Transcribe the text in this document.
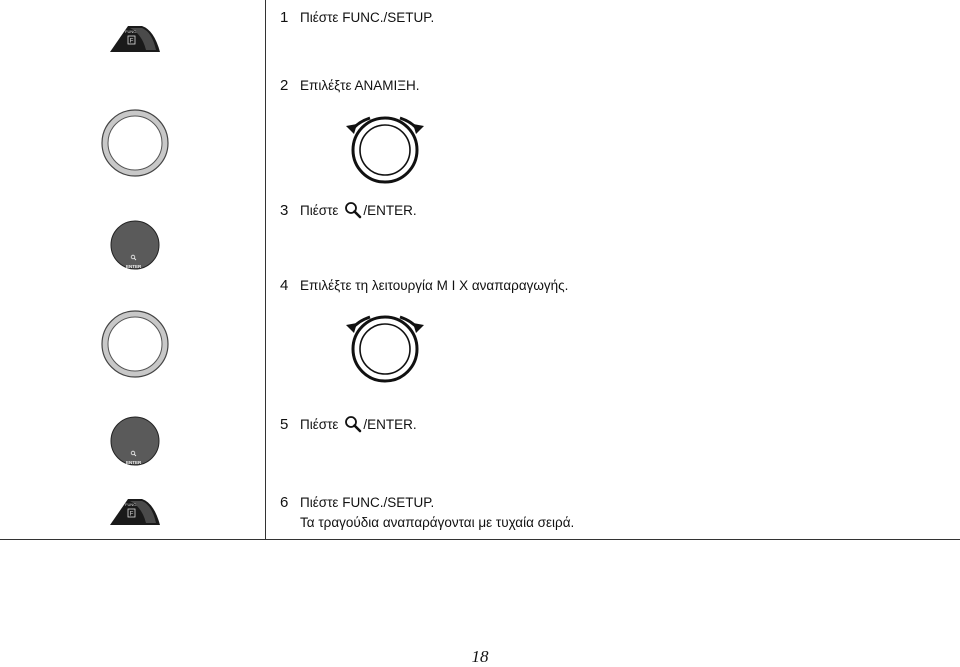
1 Πιέστε FUNC./SETUP.
2 Επιλέξτε ΑΝΑΜΙΞΗ.
3 Πιέστε /ENTER.
4 Επιλέξτε τη λειτουργία M I X αναπαραγωγής.
5 Πιέστε /ENTER.
6 Πιέστε FUNC./SETUP.
Τα τραγούδια αναπαράγονται με τυχαία σειρά.
FUNC.
F
ENTER
ENTER
FUNC.
F
18
